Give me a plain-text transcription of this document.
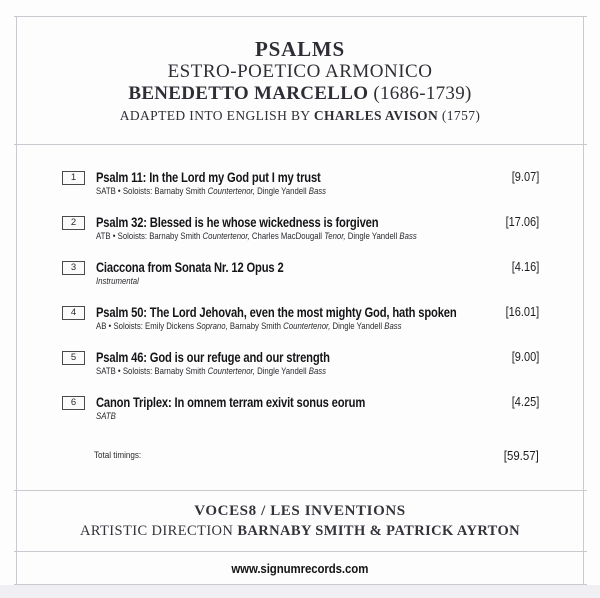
PSALMS
ESTRO-POETICO ARMONICO
BENEDETTO MARCELLO (1686-1739)
ADAPTED INTO ENGLISH BY CHARLES AVISON (1757)
1	Psalm 11: In the Lord my God put I my trust
SATB • Soloists: Barnaby Smith Countertenor, Dingle Yandell Bass
[9.07]
2	Psalm 32: Blessed is he whose wickedness is forgiven
ATB • Soloists: Barnaby Smith Countertenor, Charles MacDougall Tenor, Dingle Yandell Bass
[17.06]
3	Ciaccona from Sonata Nr. 12 Opus 2
Instrumental
[4.16]
4	Psalm 50: The Lord Jehovah, even the most mighty God, hath spoken
AB • Soloists: Emily Dickens Soprano, Barnaby Smith Countertenor, Dingle Yandell Bass
[16.01]
5	Psalm 46: God is our refuge and our strength
SATB • Soloists: Barnaby Smith Countertenor, Dingle Yandell Bass
[9.00]
6	Canon Triplex: In omnem terram exivit sonus eorum
SATB
[4.25]
Total timings:	[59.57]
VOCES8 / LES INVENTIONS
ARTISTIC DIRECTION BARNABY SMITH & PATRICK AYRTON
www.signumrecords.com
